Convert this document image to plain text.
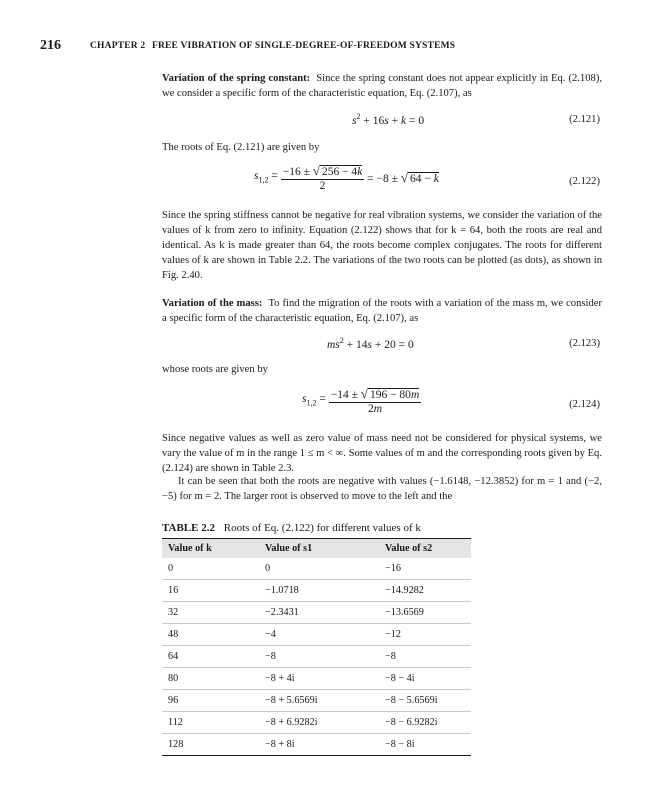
216	CHAPTER 2 FREE VIBRATION OF SINGLE-DEGREE-OF-FREEDOM SYSTEMS
Variation of the spring constant: Since the spring constant does not appear explicitly in Eq. (2.108), we consider a specific form of the characteristic equation, Eq. (2.107), as
$s^2 + 16s + k = 0$	(2.121)
The roots of Eq. (2.121) are given by
$s_{1,2} = \frac{-16 \pm √ 256 - 4k}{2} = -8$ ± √ 64 − k	(2.122)
Since the spring stiffness cannot be negative for real vibration systems, we consider the variation of the values of k from zero to infinity. Equation (2.122) shows that for k = 64, both the roots are real and identical. As k is made greater than 64, the roots become complex conjugates. The roots for different values of k are shown in Table 2.2. The variations of the two roots can be plotted (as dots), as shown in Fig. 2.40.
Variation of the mass: To find the migration of the roots with a variation of the mass m, we consider a specific form of the characteristic equation, Eq. (2.107), as
$ms^2 + 14s + 20 = 0$	(2.123)
whose roots are given by
$s_{1,2} = \frac{-14 \pm √ 196 - 80m}{2m}$	(2.124)
Since negative values as well as zero value of mass need not be considered for physical systems, we vary the value of m in the range 1 ≤ m < ∞. Some values of m and the corresponding roots given by Eq. (2.124) are shown in Table 2.3.
It can be seen that both the roots are negative with values (−1.6148, −12.3852) for m = 1 and (−2, −5) for m = 2. The larger root is observed to move to the left and the
TABLE 2.2 Roots of Eq. (2.122) for different values of k
Value of k	Value of s1	Value of s2
0	0	−16
16	−1.0718	−14.9282
32	−2.3431	−13.6569
48	−4	−12
64	−8	−8
80	−8 + 4i	−8 − 4i
96	−8 + 5.6569i	−8 − 5.6569i
112	−8 + 6.9282i	−8 − 6.9282i
128	−8 + 8i	−8 − 8i
